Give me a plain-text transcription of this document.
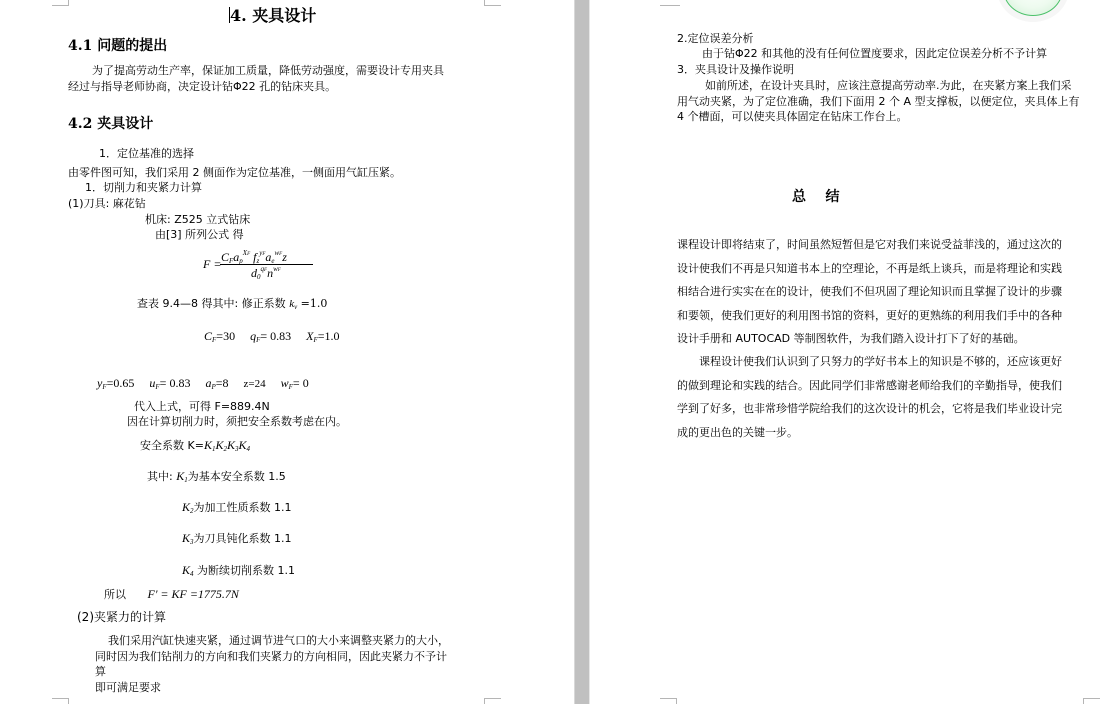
4. 夹具设计
4.1 问题的提出
为了提高劳动生产率，保证加工质量，降低劳动强度，需要设计专用夹具
经过与指导老师协商，决定设计钻Φ22 孔的钻床夹具。
4.2 夹具设计
1．定位基准的选择
由零件图可知，我们采用 2 侧面作为定位基准，一侧面用气缸压紧。
1．切削力和夹紧力计算
(1)刀具: 麻花钻
机床: Z525 立式钻床
由[3] 所列公式 得
$F = C_Fa_p^{XF}$ $f_z^{yF}a_e^{wF}z$
$d_0^{qF}n^{wF}$
查表 9.4—8 得其中: 修正系数 $k_v =1.0$
$C_F=30$     $q_F= 0.83$     $X_F=1.0$
$y_F=0.65$     $u_F= 0.83$     $a_P=8$ z=24     $w_F= 0$
代入上式，可得 F=889.4N
因在计算切削力时，须把安全系数考虑在内。
安全系数 $K=K_1K_2K_3K_4$
其中: $K_1$为基本安全系数 1.5
$K_2$为加工性质系数 1.1
$K_3$为刀具钝化系数 1.1
$K_4$ 为断续切削系数 1.1
所以 F' = KF =1775.7N
(2)夹紧力的计算
我们采用汽缸快速夹紧，通过调节进气口的大小来调整夹紧力的大小，
同时因为我们钻削力的方向和我们夹紧力的方向相同，因此夹紧力不予计
算
即可满足要求
2.定位误差分析
由于钻Φ22 和其他的没有任何位置度要求，因此定位误差分析不予计算
3．夹具设计及操作说明
如前所述，在设计夹具时，应该注意提高劳动率.为此，在夹紧方案上我们采
用气动夹紧，为了定位准确，我们下面用 2 个 A 型支撑板，以便定位，夹具体上有
4 个槽面，可以使夹具体固定在钻床工作台上。
总    结
课程设计即将结束了，时间虽然短暂但是它对我们来说受益菲浅的，通过这次的
设计使我们不再是只知道书本上的空理论，不再是纸上谈兵，而是将理论和实践
相结合进行实实在在的设计，使我们不但巩固了理论知识而且掌握了设计的步骤
和要领，使我们更好的利用图书馆的资料，更好的更熟练的利用我们手中的各种
设计手册和 AUTOCAD 等制图软件，为我们踏入设计打下了好的基础。
课程设计使我们认识到了只努力的学好书本上的知识是不够的，还应该更好
的做到理论和实践的结合。因此同学们非常感谢老师给我们的辛勤指导，使我们
学到了好多，也非常珍惜学院给我们的这次设计的机会，它将是我们毕业设计完
成的更出色的关键一步。
